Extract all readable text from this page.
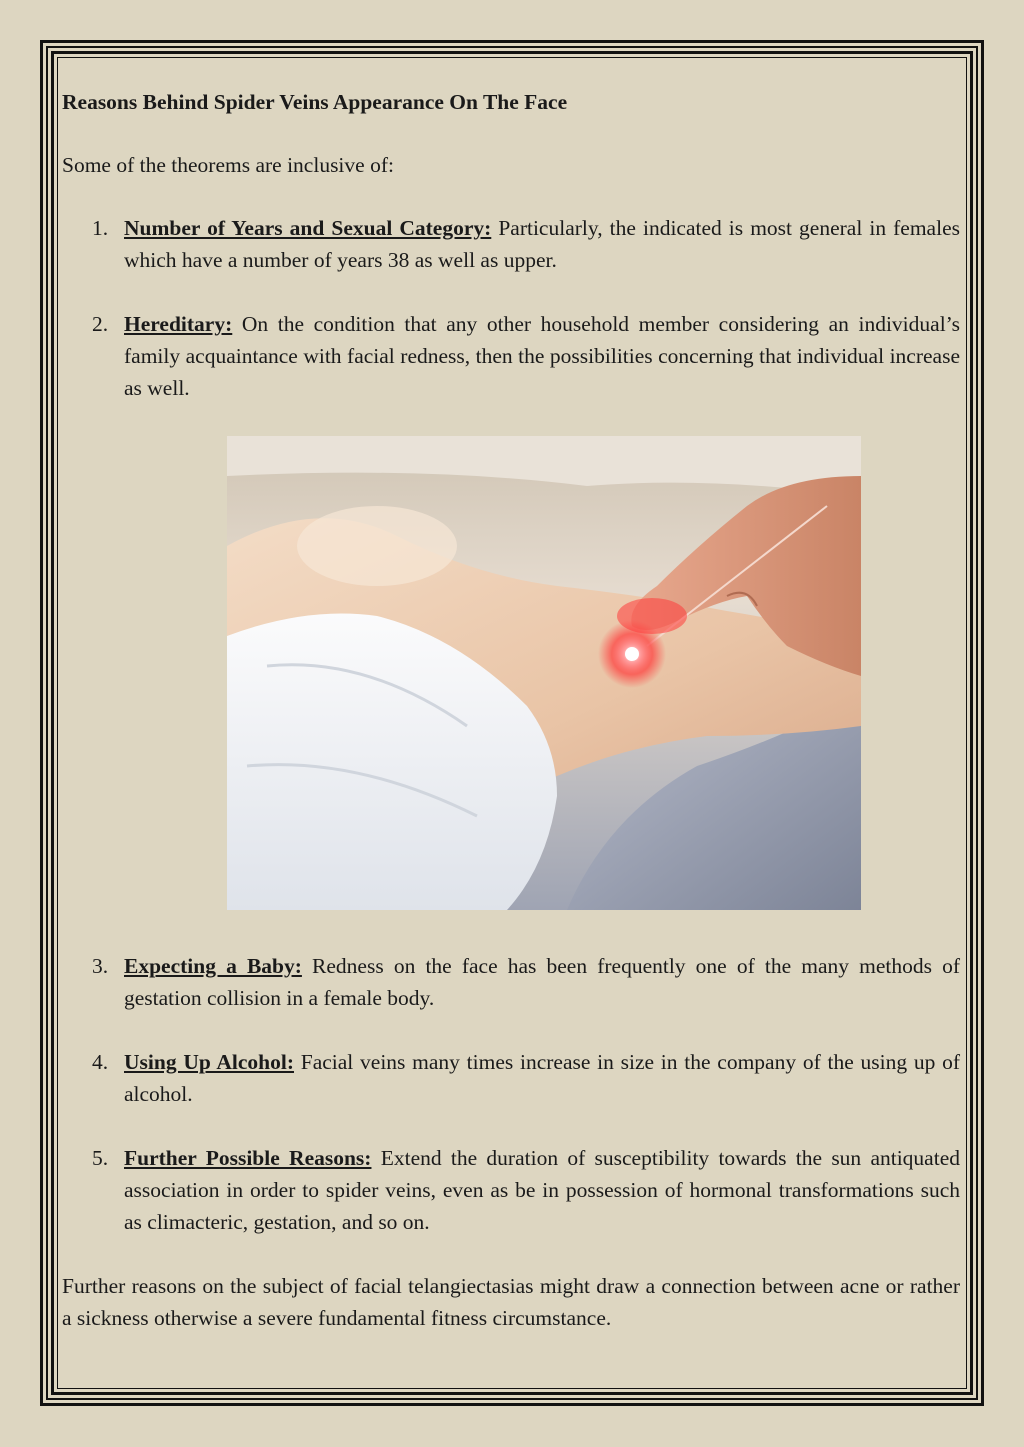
Reasons Behind Spider Veins Appearance On The Face

Some of the theorems are inclusive of:

1. Number of Years and Sexual Category: Particularly, the indicated is most general in females which have a number of years 38 as well as upper.
2. Hereditary: On the condition that any other household member considering an individual’s family acquaintance with facial redness, then the possibilities concerning that individual increase as well.
3. Expecting a Baby: Redness on the face has been frequently one of the many methods of gestation collision in a female body.
4. Using Up Alcohol: Facial veins many times increase in size in the company of the using up of alcohol.
5. Further Possible Reasons: Extend the duration of susceptibility towards the sun antiquated association in order to spider veins, even as be in possession of hormonal transformations such as climacteric, gestation, and so on.

Further reasons on the subject of facial telangiectasias might draw a connection between acne or rather a sickness otherwise a severe fundamental fitness circumstance.
